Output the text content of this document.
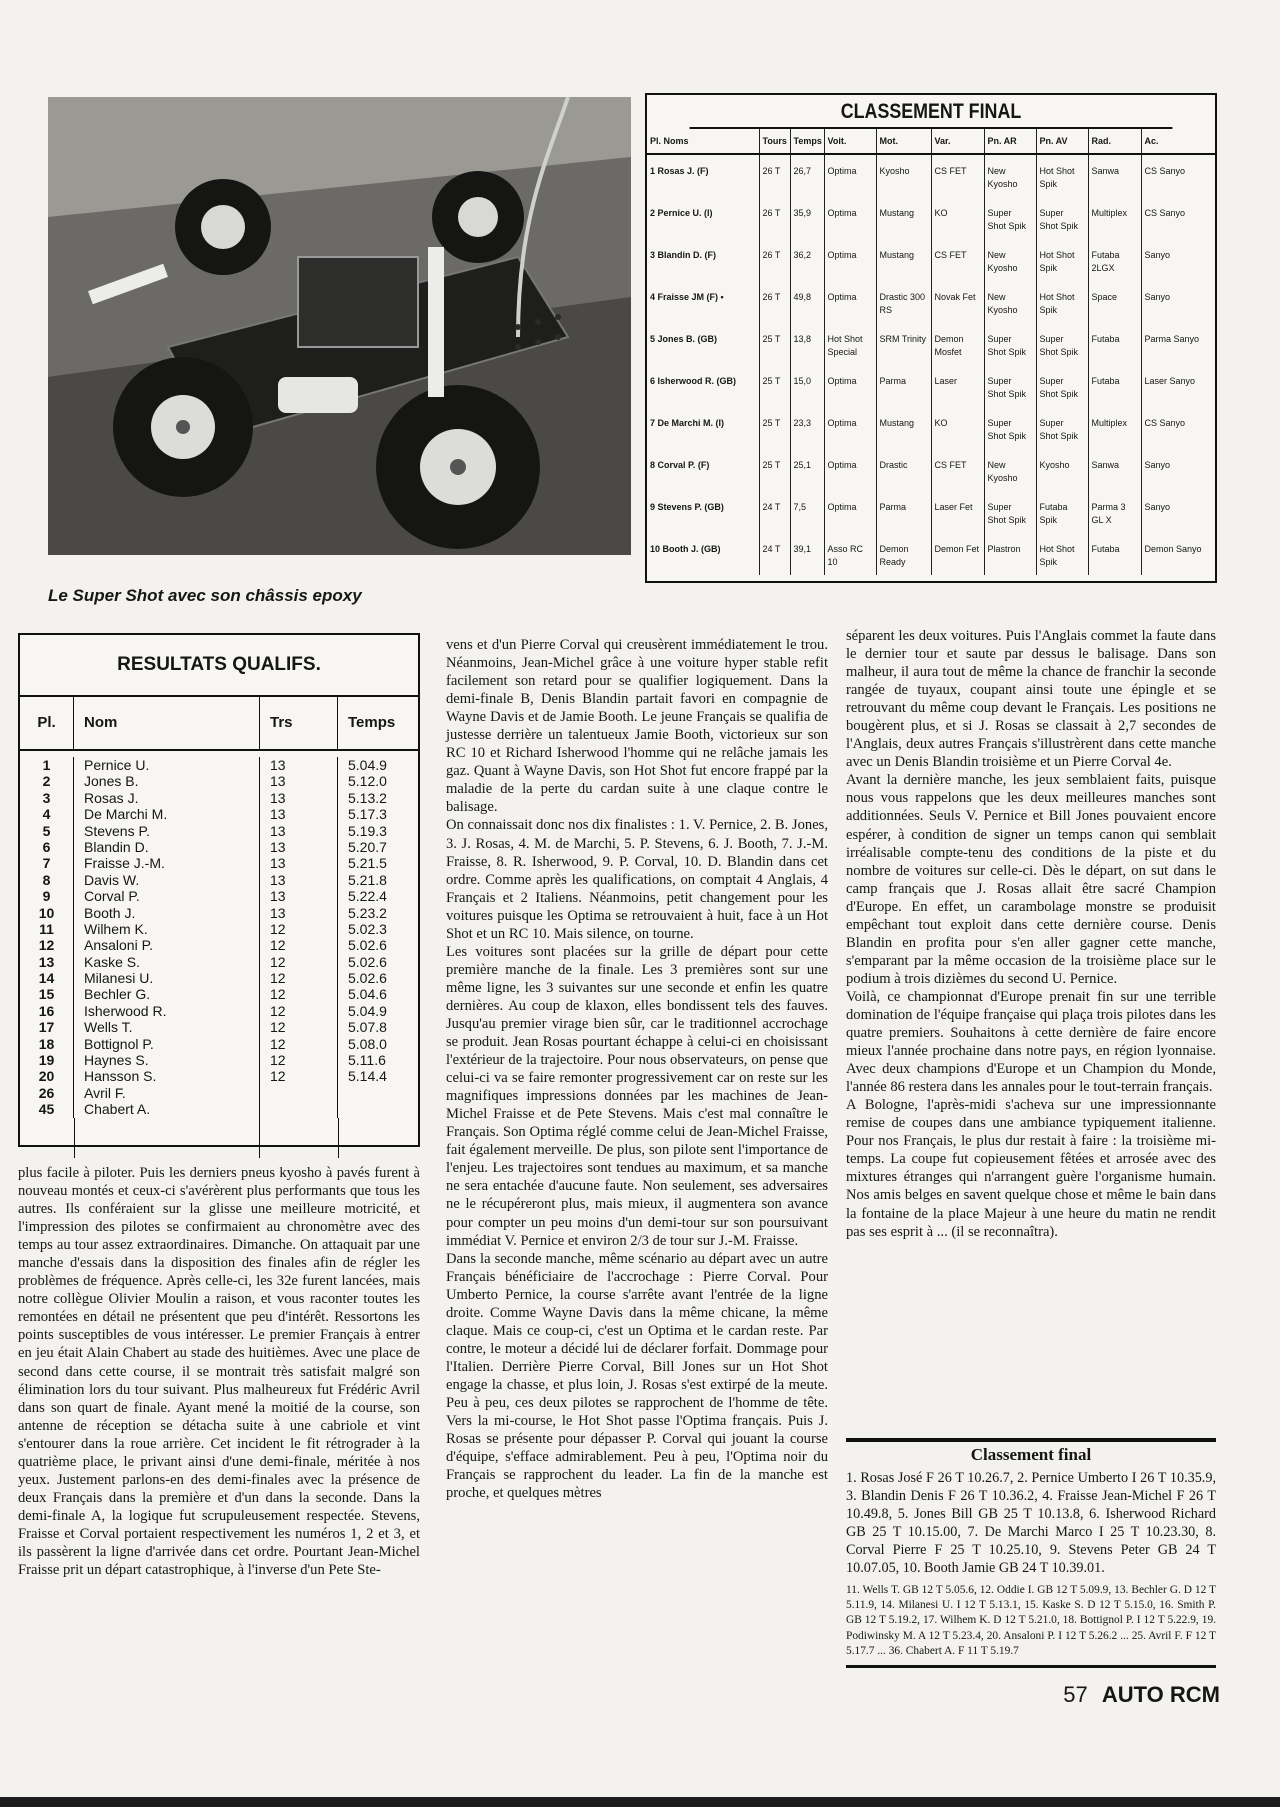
Le Super Shot avec son châssis epoxy
CLASSEMENT FINAL
Pl. Noms	Tours	Temps	Voit.	Mot.	Var.	Pn. AR	Pn. AV	Rad.	Ac.
1 Rosas J. (F)	26 T	26,7	Optima	Kyosho	CS FET	New Kyosho	Hot Shot Spik	Sanwa	CS Sanyo
2 Pernice U. (I)	26 T	35,9	Optima	Mustang	KO	Super Shot Spik	Super Shot Spik	Multiplex	CS Sanyo
3 Blandin D. (F)	26 T	36,2	Optima	Mustang	CS FET	New Kyosho	Hot Shot Spik	Futaba 2LGX	Sanyo
4 Fraisse JM (F) •	26 T	49,8	Optima	Drastic 300 RS	Novak Fet	New Kyosho	Hot Shot Spik	Space	Sanyo
5 Jones B. (GB)	25 T	13,8	Hot Shot Special	SRM Trinity	Demon Mosfet	Super Shot Spik	Super Shot Spik	Futaba	Parma Sanyo
6 Isherwood R. (GB)	25 T	15,0	Optima	Parma	Laser	Super Shot Spik	Super Shot Spik	Futaba	Laser Sanyo
7 De Marchi M. (I)	25 T	23,3	Optima	Mustang	KO	Super Shot Spik	Super Shot Spik	Multiplex	CS Sanyo
8 Corval P. (F)	25 T	25,1	Optima	Drastic	CS FET	New Kyosho	Kyosho	Sanwa	Sanyo
9 Stevens P. (GB)	24 T	7,5	Optima	Parma	Laser Fet	Super Shot Spik	Futaba Spik	Parma 3 GL X	Sanyo
10 Booth J. (GB)	24 T	39,1	Asso RC 10	Demon Ready	Demon Fet	Plastron	Hot Shot Spik	Futaba	Demon Sanyo
RESULTATS QUALIFS.
Pl.	Nom	Trs	Temps
1	Pernice U.	13	5.04.9
2	Jones B.	13	5.12.0
3	Rosas J.	13	5.13.2
4	De Marchi M.	13	5.17.3
5	Stevens P.	13	5.19.3
6	Blandin D.	13	5.20.7
7	Fraisse J.-M.	13	5.21.5
8	Davis W.	13	5.21.8
9	Corval P.	13	5.22.4
10	Booth J.	13	5.23.2
11	Wilhem K.	12	5.02.3
12	Ansaloni P.	12	5.02.6
13	Kaske S.	12	5.02.6
14	Milanesi U.	12	5.02.6
15	Bechler G.	12	5.04.6
16	Isherwood R.	12	5.04.9
17	Wells T.	12	5.07.8
18	Bottignol P.	12	5.08.0
19	Haynes S.	12	5.11.6
20	Hansson S.	12	5.14.4
26	Avril F.
45	Chabert A.

plus facile à piloter. Puis les derniers pneus kyosho à pavés furent à nouveau montés et ceux-ci s'avérèrent plus performants que tous les autres. Ils conféraient sur la glisse une meilleure motricité, et l'impression des pilotes se confirmaient au chronomètre avec des temps au tour assez extraordinaires. Dimanche. On attaquait par une manche d'essais dans la disposition des finales afin de régler les problèmes de fréquence. Après celle-ci, les 32e furent lancées, mais notre collègue Olivier Moulin a raison, et vous raconter toutes les remontées en détail ne présentent que peu d'intérêt. Ressortons les points susceptibles de vous intéresser. Le premier Français à entrer en jeu était Alain Chabert au stade des huitièmes. Avec une place de second dans cette course, il se montrait très satisfait malgré son élimination lors du tour suivant. Plus malheureux fut Frédéric Avril dans son quart de finale. Ayant mené la moitié de la course, son antenne de réception se détacha suite à une cabriole et vint s'entourer dans la roue arrière. Cet incident le fit rétrograder à la quatrième place, le privant ainsi d'une demi-finale, méritée à nos yeux. Justement parlons-en des demi-finales avec la présence de deux Français dans la première et d'un dans la seconde. Dans la demi-finale A, la logique fut scrupuleusement respectée. Stevens, Fraisse et Corval portaient respectivement les numéros 1, 2 et 3, et ils passèrent la ligne d'arrivée dans cet ordre. Pourtant Jean-Michel Fraisse prit un départ catastrophique, à l'inverse d'un Pete Ste-

vens et d'un Pierre Corval qui creusèrent immédiatement le trou. Néanmoins, Jean-Michel grâce à une voiture hyper stable refit facilement son retard pour se qualifier logiquement. Dans la demi-finale B, Denis Blandin partait favori en compagnie de Wayne Davis et de Jamie Booth. Le jeune Français se qualifia de justesse derrière un talentueux Jamie Booth, victorieux sur son RC 10 et Richard Isherwood l'homme qui ne relâche jamais les gaz. Quant à Wayne Davis, son Hot Shot fut encore frappé par la maladie de la perte du cardan suite à une claque contre le balisage.

On connaissait donc nos dix finalistes : 1. V. Pernice, 2. B. Jones, 3. J. Rosas, 4. M. de Marchi, 5. P. Stevens, 6. J. Booth, 7. J.-M. Fraisse, 8. R. Isherwood, 9. P. Corval, 10. D. Blandin dans cet ordre. Comme après les qualifications, on comptait 4 Anglais, 4 Français et 2 Italiens. Néanmoins, petit changement pour les voitures puisque les Optima se retrouvaient à huit, face à un Hot Shot et un RC 10. Mais silence, on tourne.

Les voitures sont placées sur la grille de départ pour cette première manche de la finale. Les 3 premières sont sur une même ligne, les 3 suivantes sur une seconde et enfin les quatre dernières. Au coup de klaxon, elles bondissent tels des fauves. Jusqu'au premier virage bien sûr, car le traditionnel accrochage se produit. Jean Rosas pourtant échappe à celui-ci en choisissant l'extérieur de la trajectoire. Pour nous observateurs, on pense que celui-ci va se faire remonter progressivement car on reste sur les magnifiques impressions données par les machines de Jean-Michel Fraisse et de Pete Stevens. Mais c'est mal connaître le Français. Son Optima réglé comme celui de Jean-Michel Fraisse, fait également merveille. De plus, son pilote sent l'importance de l'enjeu. Les trajectoires sont tendues au maximum, et sa manche ne sera entachée d'aucune faute. Non seulement, ses adversaires ne le récupéreront plus, mais mieux, il augmentera son avance pour compter un peu moins d'un demi-tour sur son poursuivant immédiat V. Pernice et environ 2/3 de tour sur J.-M. Fraisse.

Dans la seconde manche, même scénario au départ avec un autre Français bénéficiaire de l'accrochage : Pierre Corval. Pour Umberto Pernice, la course s'arrête avant l'entrée de la ligne droite. Comme Wayne Davis dans la même chicane, la même claque. Mais ce coup-ci, c'est un Optima et le cardan reste. Par contre, le moteur a décidé lui de déclarer forfait. Dommage pour l'Italien. Derrière Pierre Corval, Bill Jones sur un Hot Shot engage la chasse, et plus loin, J. Rosas s'est extirpé de la meute. Peu à peu, ces deux pilotes se rapprochent de l'homme de tête. Vers la mi-course, le Hot Shot passe l'Optima français. Puis J. Rosas se présente pour dépasser P. Corval qui jouant la course d'équipe, s'efface admirablement. Peu à peu, l'Optima noir du Français se rapprochent du leader. La fin de la manche est proche, et quelques mètres

séparent les deux voitures. Puis l'Anglais commet la faute dans le dernier tour et saute par dessus le balisage. Dans son malheur, il aura tout de même la chance de franchir la seconde rangée de tuyaux, coupant ainsi toute une épingle et se retrouvant du même coup devant le Français. Les positions ne bougèrent plus, et si J. Rosas se classait à 2,7 secondes de l'Anglais, deux autres Français s'illustrèrent dans cette manche avec un Denis Blandin troisième et un Pierre Corval 4e.

Avant la dernière manche, les jeux semblaient faits, puisque nous vous rappelons que les deux meilleures manches sont additionnées. Seuls V. Pernice et Bill Jones pouvaient encore espérer, à condition de signer un temps canon qui semblait irréalisable compte-tenu des conditions de la piste et du nombre de voitures sur celle-ci. Dès le départ, on sut dans le camp français que J. Rosas allait être sacré Champion d'Europe. En effet, un carambolage monstre se produisit empêchant tout exploit dans cette dernière course. Denis Blandin en profita pour s'en aller gagner cette manche, s'emparant par la même occasion de la troisième place sur le podium à trois dizièmes du second U. Pernice.

Voilà, ce championnat d'Europe prenait fin sur une terrible domination de l'équipe française qui plaça trois pilotes dans les quatre premiers. Souhaitons à cette dernière de faire encore mieux l'année prochaine dans notre pays, en région lyonnaise. Avec deux champions d'Europe et un Champion du Monde, l'année 86 restera dans les annales pour le tout-terrain français.

A Bologne, l'après-midi s'acheva sur une impressionnante remise de coupes dans une ambiance typiquement italienne. Pour nos Français, le plus dur restait à faire : la troisième mi-temps. La coupe fut copieusement fêtées et arrosée avec des mixtures étranges qui n'arrangent guère l'organisme humain. Nos amis belges en savent quelque chose et même le bain dans la fontaine de la place Majeur à une heure du matin ne rendit pas ses esprit à ... (il se reconnaîtra).

Classement final
1. Rosas José F 26 T 10.26.7, 2. Pernice Umberto I 26 T 10.35.9, 3. Blandin Denis F 26 T 10.36.2, 4. Fraisse Jean-Michel F 26 T 10.49.8, 5. Jones Bill GB 25 T 10.13.8, 6. Isherwood Richard GB 25 T 10.15.00, 7. De Marchi Marco I 25 T 10.23.30, 8. Corval Pierre F 25 T 10.25.10, 9. Stevens Peter GB 24 T 10.07.05, 10. Booth Jamie GB 24 T 10.39.01.
11. Wells T. GB 12 T 5.05.6, 12. Oddie I. GB 12 T 5.09.9, 13. Bechler G. D 12 T 5.11.9, 14. Milanesi U. I 12 T 5.13.1, 15. Kaske S. D 12 T 5.15.0, 16. Smith P. GB 12 T 5.19.2, 17. Wilhem K. D 12 T 5.21.0, 18. Bottignol P. I 12 T 5.22.9, 19. Podiwinsky M. A 12 T 5.23.4, 20. Ansaloni P. I 12 T 5.26.2 ... 25. Avril F. F 12 T 5.17.7 ... 36. Chabert A. F 11 T 5.19.7
57 AUTO RCM
